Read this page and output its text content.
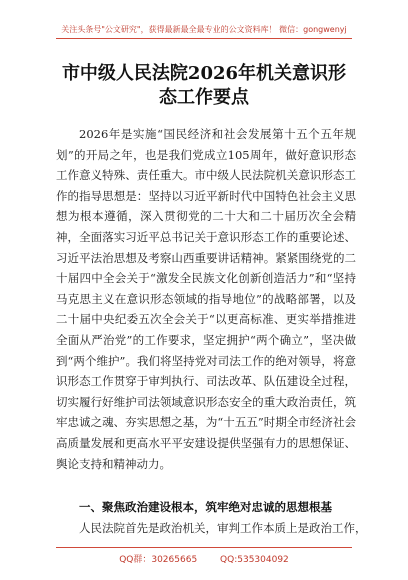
关注头条号"公文研究"，获得最新最全最专业的公文资料库！ 微信：gongwenyj
市中级人民法院2026年机关意识形态工作要点

2026年是实施“国民经济和社会发展第十五个五年规划”的开局之年，也是我们党成立105周年，做好意识形态工作意义特殊、责任重大。市中级人民法院机关意识形态工作的指导思想是：坚持以习近平新时代中国特色社会主义思想为根本遵循，深入贯彻党的二十大和二十届历次全会精神，全面落实习近平总书记关于意识形态工作的重要论述、习近平法治思想及考察山西重要讲话精神。紧紧围绕党的二十届四中全会关于“激发全民族文化创新创造活力”和“坚持马克思主义在意识形态领域的指导地位”的战略部署，以及二十届中央纪委五次全会关于“以更高标准、更实举措推进全面从严治党”的工作要求，坚定拥护“两个确立”，坚决做到“两个维护”。我们将坚持党对司法工作的绝对领导，将意识形态工作贯穿于审判执行、司法改革、队伍建设全过程，切实履行好维护司法领域意识形态安全的重大政治责任，筑牢忠诚之魂、夯实思想之基，为“十五五”时期全市经济社会高质量发展和更高水平平安建设提供坚强有力的思想保证、舆论支持和精神动力。

一、聚焦政治建设根本，筑牢绝对忠诚的思想根基
人民法院首先是政治机关，审判工作本质上是政治工作，
QQ群：30265665	QQ:535304092
